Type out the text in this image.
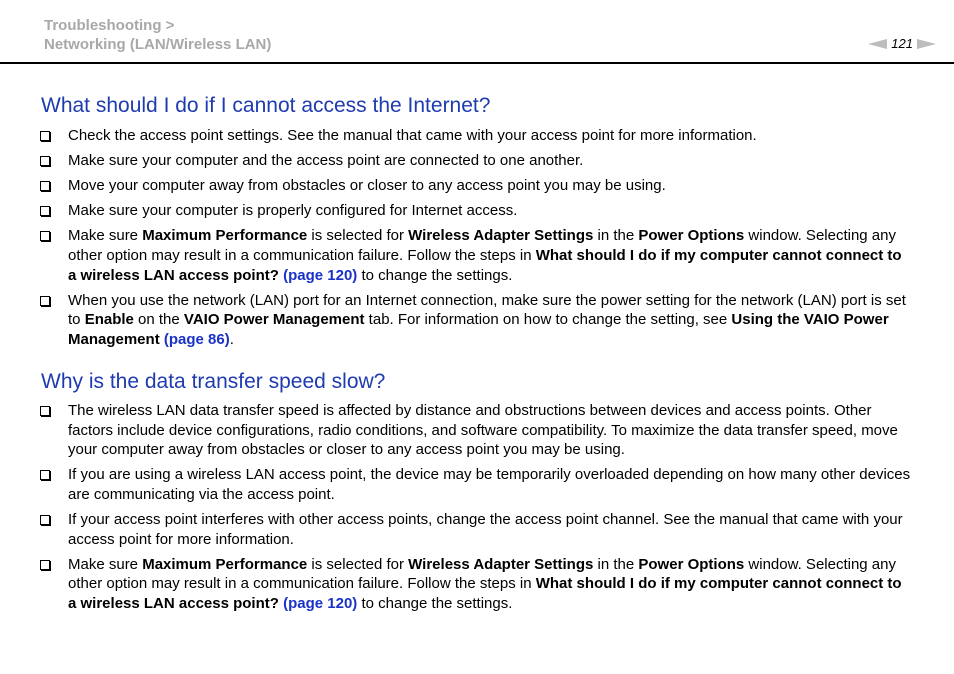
Troubleshooting >
Networking (LAN/Wireless LAN)	121
What should I do if I cannot access the Internet?
Check the access point settings. See the manual that came with your access point for more information.
Make sure your computer and the access point are connected to one another.
Move your computer away from obstacles or closer to any access point you may be using.
Make sure your computer is properly configured for Internet access.
Make sure Maximum Performance is selected for Wireless Adapter Settings in the Power Options window. Selecting any other option may result in a communication failure. Follow the steps in What should I do if my computer cannot connect to a wireless LAN access point? (page 120) to change the settings.
When you use the network (LAN) port for an Internet connection, make sure the power setting for the network (LAN) port is set to Enable on the VAIO Power Management tab. For information on how to change the setting, see Using the VAIO Power Management (page 86).
Why is the data transfer speed slow?
The wireless LAN data transfer speed is affected by distance and obstructions between devices and access points. Other factors include device configurations, radio conditions, and software compatibility. To maximize the data transfer speed, move your computer away from obstacles or closer to any access point you may be using.
If you are using a wireless LAN access point, the device may be temporarily overloaded depending on how many other devices are communicating via the access point.
If your access point interferes with other access points, change the access point channel. See the manual that came with your access point for more information.
Make sure Maximum Performance is selected for Wireless Adapter Settings in the Power Options window. Selecting any other option may result in a communication failure. Follow the steps in What should I do if my computer cannot connect to a wireless LAN access point? (page 120) to change the settings.
